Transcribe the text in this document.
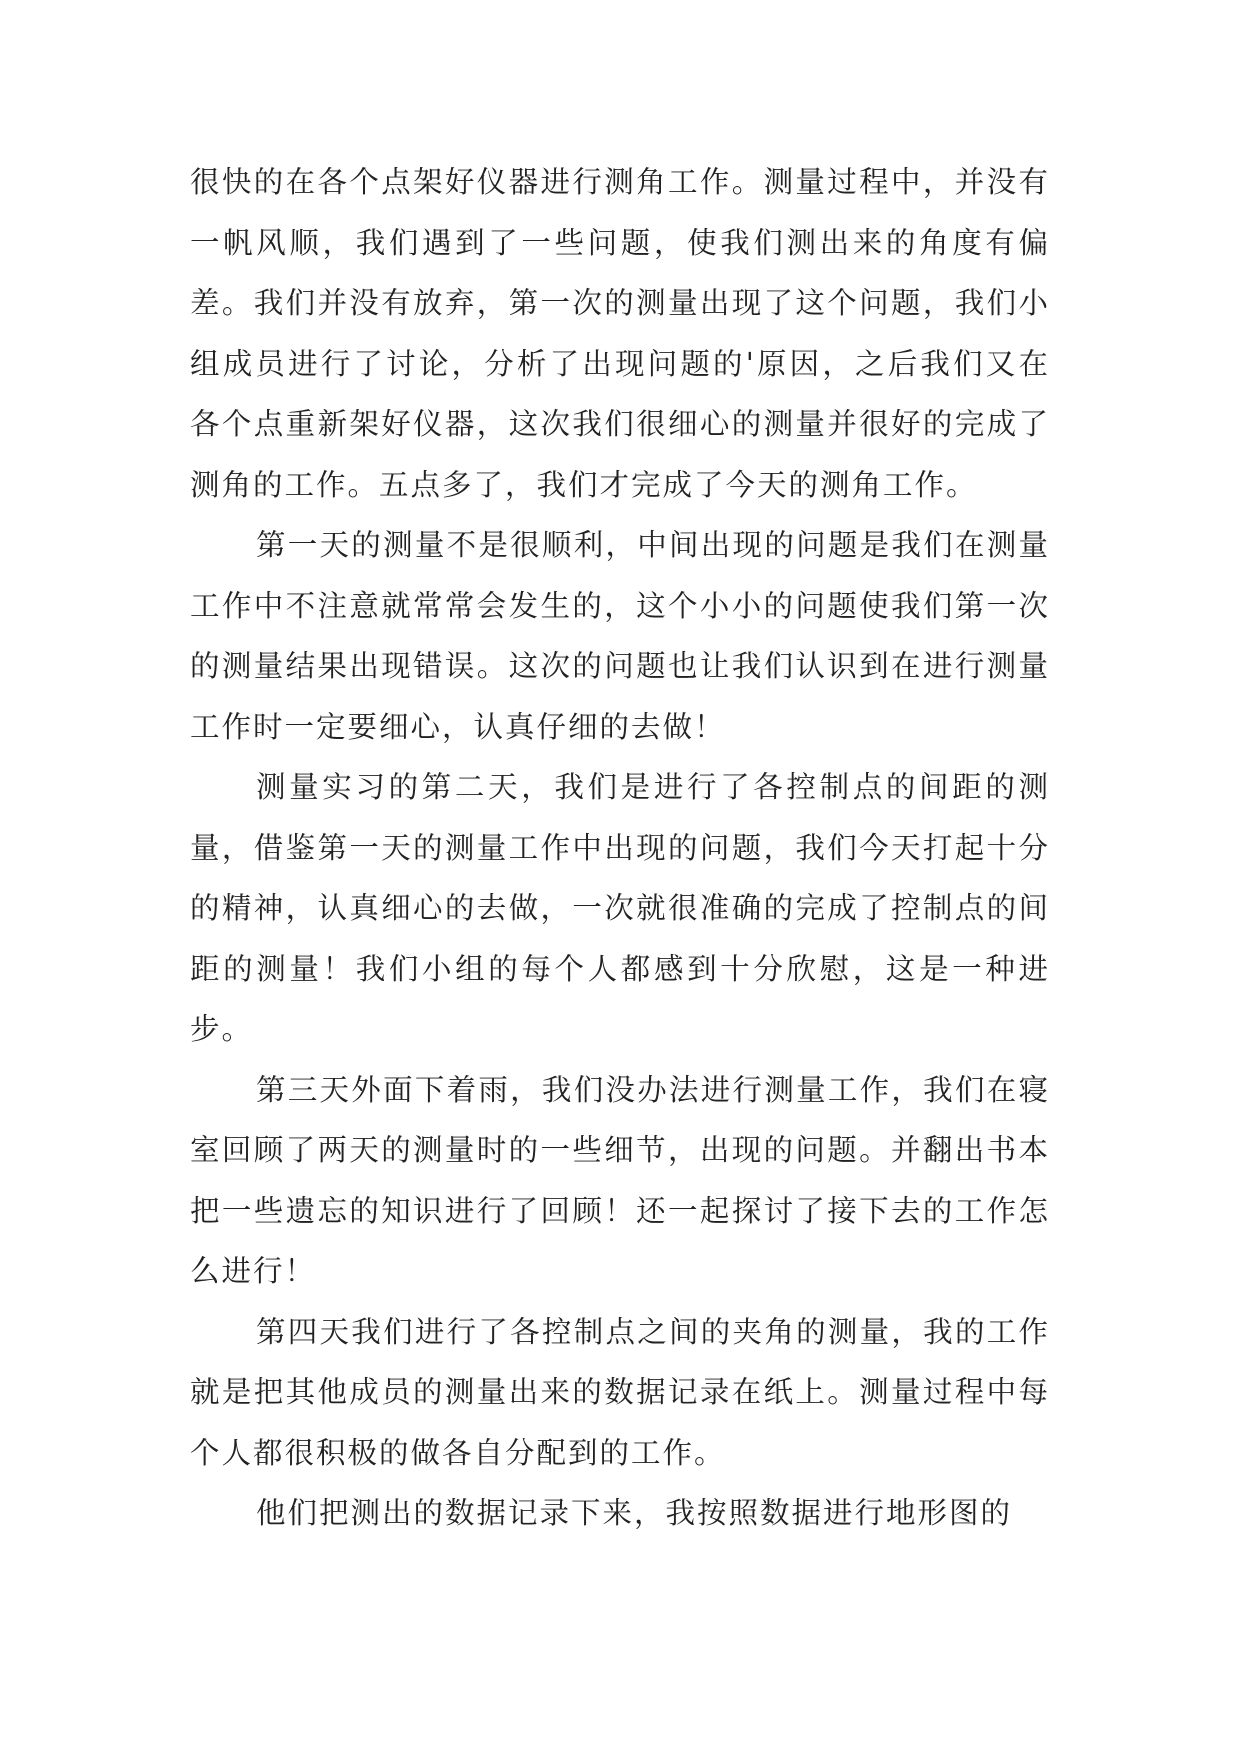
很快的在各个点架好仪器进行测角工作。测量过程中，并没有一帆风顺，我们遇到了一些问题，使我们测出来的角度有偏差。我们并没有放弃，第一次的测量出现了这个问题，我们小组成员进行了讨论，分析了出现问题的'原因，之后我们又在各个点重新架好仪器，这次我们很细心的测量并很好的完成了测角的工作。五点多了，我们才完成了今天的测角工作。

第一天的测量不是很顺利，中间出现的问题是我们在测量工作中不注意就常常会发生的，这个小小的问题使我们第一次的测量结果出现错误。这次的问题也让我们认识到在进行测量工作时一定要细心，认真仔细的去做！

测量实习的第二天，我们是进行了各控制点的间距的测量，借鉴第一天的测量工作中出现的问题，我们今天打起十分的精神，认真细心的去做，一次就很准确的完成了控制点的间距的测量！我们小组的每个人都感到十分欣慰，这是一种进步。

第三天外面下着雨，我们没办法进行测量工作，我们在寝室回顾了两天的测量时的一些细节，出现的问题。并翻出书本把一些遗忘的知识进行了回顾！还一起探讨了接下去的工作怎么进行！

第四天我们进行了各控制点之间的夹角的测量，我的工作就是把其他成员的测量出来的数据记录在纸上。测量过程中每个人都很积极的做各自分配到的工作。

他们把测出的数据记录下来，我按照数据进行地形图的
